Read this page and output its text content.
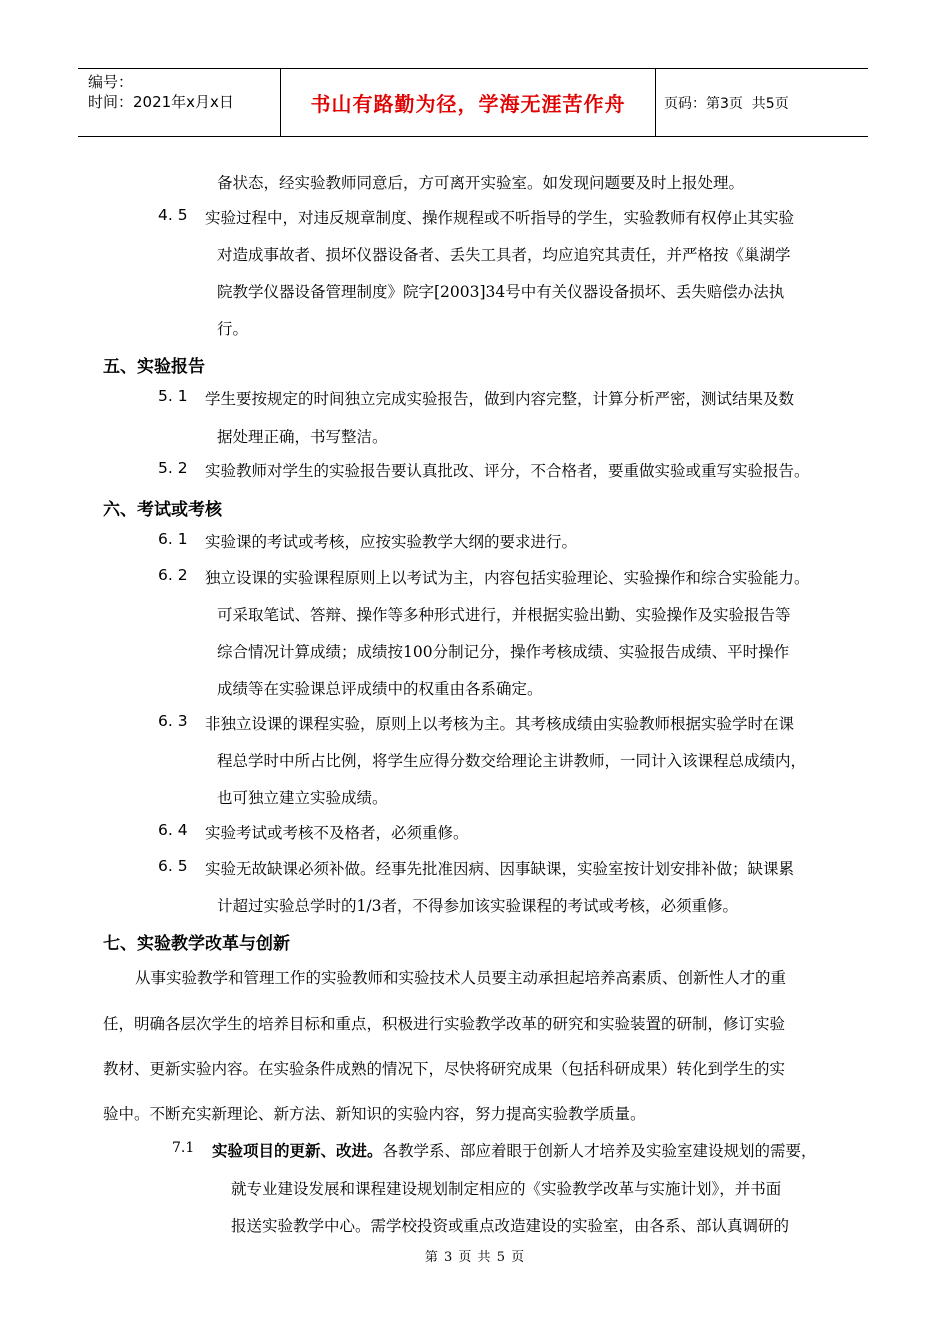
编号：
时间：2021年x月x日	书山有路勤为径，学海无涯苦作舟	页码：第3页  共5页
备状态，经实验教师同意后，方可离开实验室。如发现问题要及时上报处理。
4. 5 实验过程中，对违反规章制度、操作规程或不听指导的学生，实验教师有权停止其实验
对造成事故者、损坏仪器设备者、丢失工具者，均应追究其责任，并严格按《巢湖学
院教学仪器设备管理制度》院字[2003]34号中有关仪器设备损坏、丢失赔偿办法执
行。
五、实验报告
5. 1 学生要按规定的时间独立完成实验报告，做到内容完整，计算分析严密，测试结果及数
据处理正确，书写整洁。
5. 2 实验教师对学生的实验报告要认真批改、评分，不合格者，要重做实验或重写实验报告。
六、考试或考核
6. 1 实验课的考试或考核，应按实验教学大纲的要求进行。
6. 2 独立设课的实验课程原则上以考试为主，内容包括实验理论、实验操作和综合实验能力。
可采取笔试、答辩、操作等多种形式进行，并根据实验出勤、实验操作及实验报告等
综合情况计算成绩；成绩按100分制记分，操作考核成绩、实验报告成绩、平时操作
成绩等在实验课总评成绩中的权重由各系确定。
6. 3 非独立设课的课程实验，原则上以考核为主。其考核成绩由实验教师根据实验学时在课
程总学时中所占比例，将学生应得分数交给理论主讲教师，一同计入该课程总成绩内，
也可独立建立实验成绩。
6. 4 实验考试或考核不及格者，必须重修。
6. 5 实验无故缺课必须补做。经事先批准因病、因事缺课，实验室按计划安排补做；缺课累
计超过实验总学时的1/3者，不得参加该实验课程的考试或考核，必须重修。
七、实验教学改革与创新
从事实验教学和管理工作的实验教师和实验技术人员要主动承担起培养高素质、创新性人才的重
任，明确各层次学生的培养目标和重点，积极进行实验教学改革的研究和实验装置的研制，修订实验
教材、更新实验内容。在实验条件成熟的情况下，尽快将研究成果（包括科研成果）转化到学生的实
验中。不断充实新理论、新方法、新知识的实验内容，努力提高实验教学质量。
7.1 实验项目的更新、改进。各教学系、部应着眼于创新人才培养及实验室建设规划的需要，
就专业建设发展和课程建设规划制定相应的《实验教学改革与实施计划》，并书面
报送实验教学中心。需学校投资或重点改造建设的实验室，由各系、部认真调研的
第 3 页 共 5 页
